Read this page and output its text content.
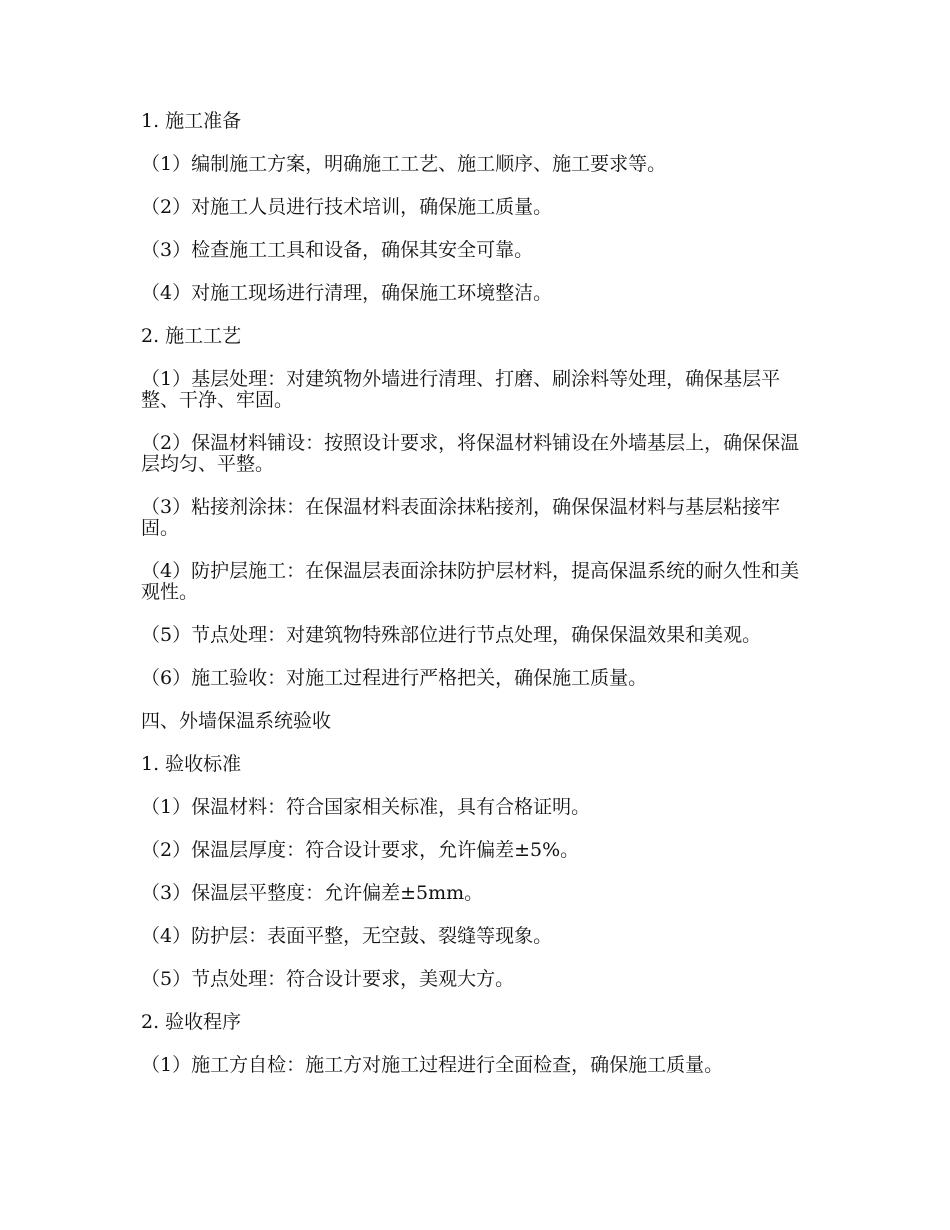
1. 施工准备

（1）编制施工方案，明确施工工艺、施工顺序、施工要求等。

（2）对施工人员进行技术培训，确保施工质量。

（3）检查施工工具和设备，确保其安全可靠。

（4）对施工现场进行清理，确保施工环境整洁。

2. 施工工艺

（1）基层处理：对建筑物外墙进行清理、打磨、刷涂料等处理，确保基层平整、干净、牢固。

（2）保温材料铺设：按照设计要求，将保温材料铺设在外墙基层上，确保保温层均匀、平整。

（3）粘接剂涂抹：在保温材料表面涂抹粘接剂，确保保温材料与基层粘接牢固。

（4）防护层施工：在保温层表面涂抹防护层材料，提高保温系统的耐久性和美观性。

（5）节点处理：对建筑物特殊部位进行节点处理，确保保温效果和美观。

（6）施工验收：对施工过程进行严格把关，确保施工质量。

四、外墙保温系统验收

1. 验收标准

（1）保温材料：符合国家相关标准，具有合格证明。

（2）保温层厚度：符合设计要求，允许偏差±5%。

（3）保温层平整度：允许偏差±5mm。

（4）防护层：表面平整，无空鼓、裂缝等现象。

（5）节点处理：符合设计要求，美观大方。

2. 验收程序

（1）施工方自检：施工方对施工过程进行全面检查，确保施工质量。
